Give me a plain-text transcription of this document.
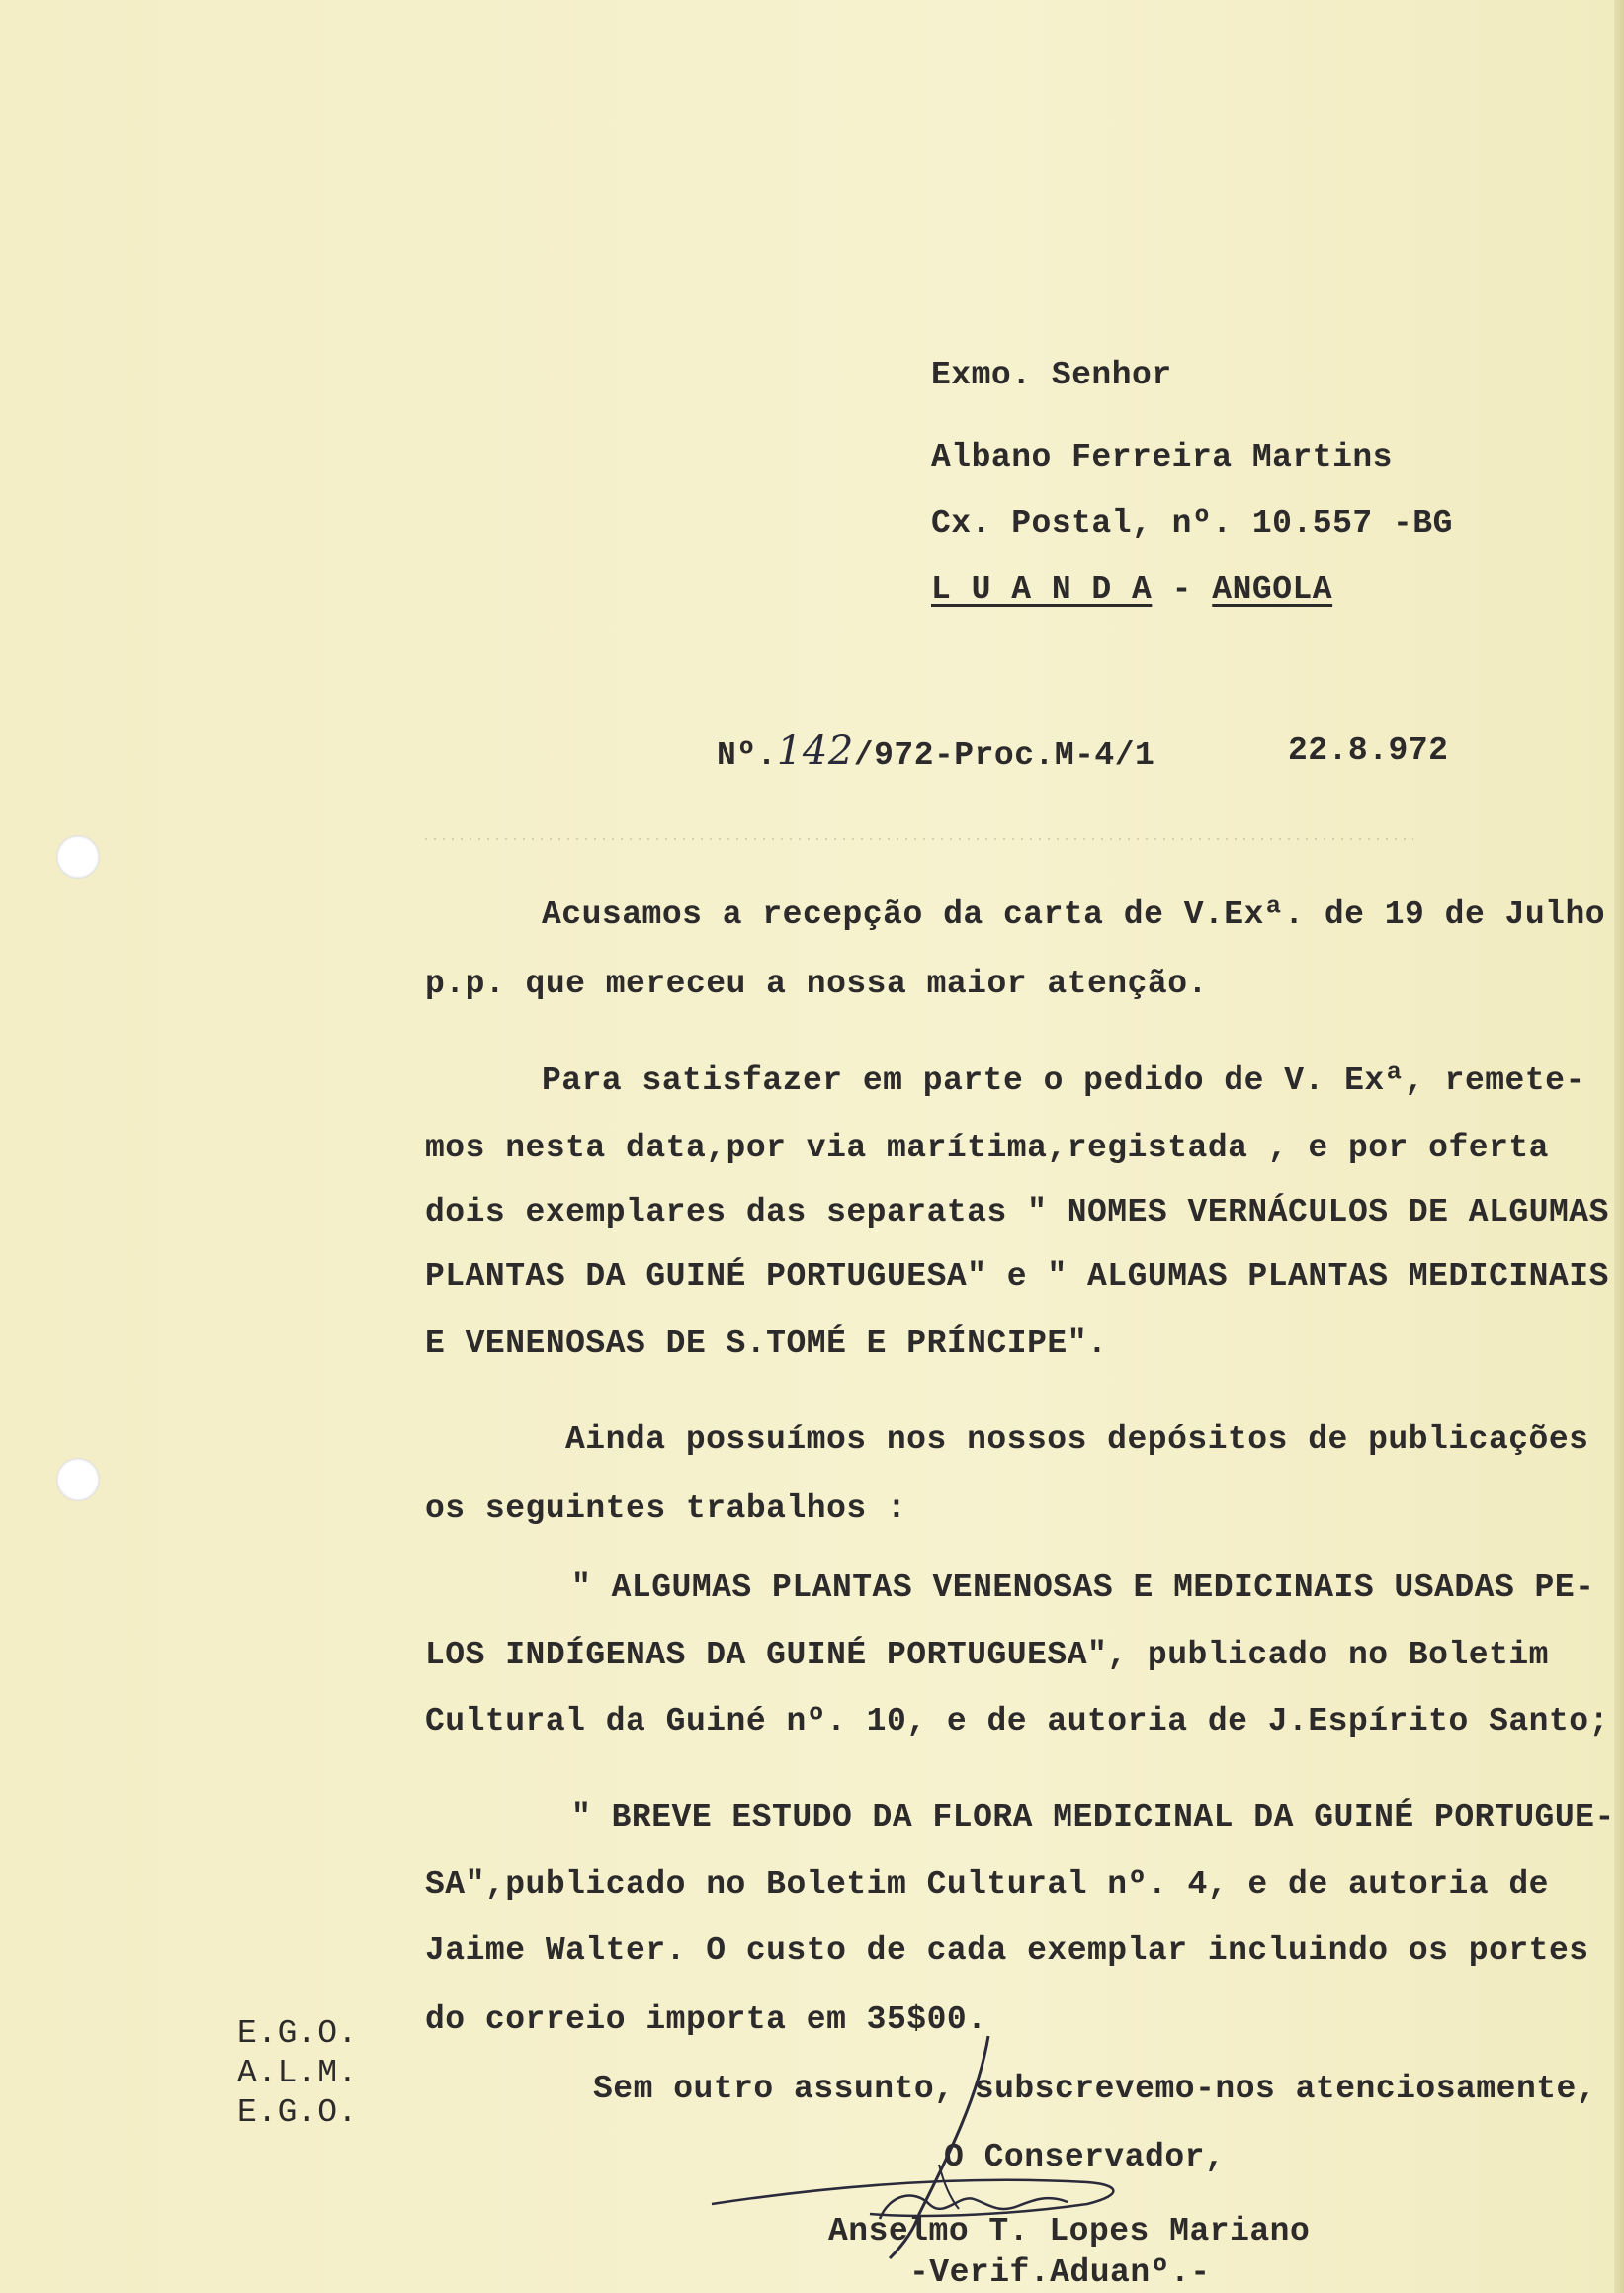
Exmo. Senhor

Albano Ferreira Martins

Cx. Postal, nº. 10.557 -BG

L U A N D A - ANGOLA

Nº.142/972-Proc.M-4/1	22.8.972

Acusamos a recepção da carta de V.Exª. de 19 de Julho

p.p. que mereceu a nossa maior atenção.

Para satisfazer em parte o pedido de V. Exª, remete-

mos nesta data,por via marítima,registada , e por oferta

dois exemplares das separatas " NOMES VERNÁCULOS DE ALGUMAS

PLANTAS DA GUINÉ PORTUGUESA" e " ALGUMAS PLANTAS MEDICINAIS

E VENENOSAS DE S.TOMÉ E PRÍNCIPE".

Ainda possuímos nos nossos depósitos de publicações

os seguintes trabalhos :

" ALGUMAS PLANTAS VENENOSAS E MEDICINAIS USADAS PE-

LOS INDÍGENAS DA GUINÉ PORTUGUESA", publicado no Boletim

Cultural da Guiné nº. 10, e de autoria de J.Espírito Santo;

" BREVE ESTUDO DA FLORA MEDICINAL DA GUINÉ PORTUGUE-

SA",publicado no Boletim Cultural nº. 4, e de autoria de

Jaime Walter. O custo de cada exemplar incluindo os portes

do correio importa em 35$00.

E.G.O.

A.L.M.

E.G.O.

Sem outro assunto, subscrevemo-nos atenciosamente,

O Conservador,

Anselmo T. Lopes Mariano

-Verif.Aduanº.-
